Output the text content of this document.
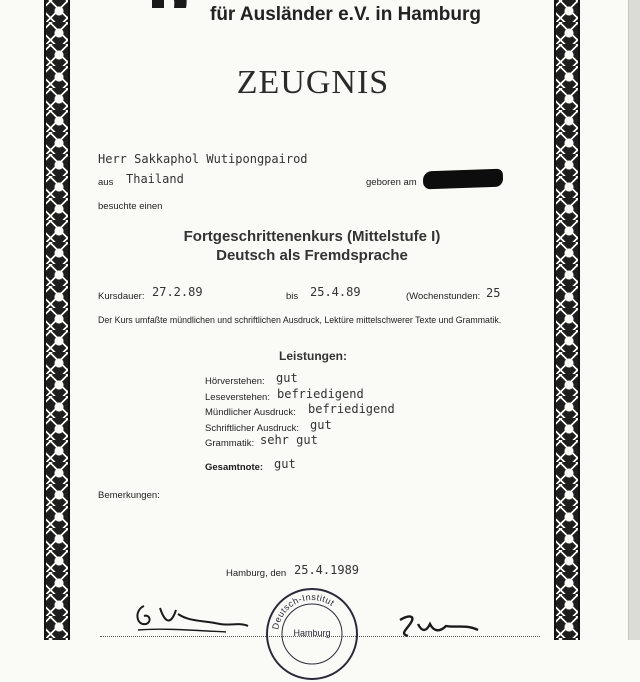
für Ausländer e.V. in Hamburg
ZEUGNIS
Herr Sakkaphol Wutipongpairod
aus Thailand	geboren am
besuchte einen
Fortgeschrittenenkurs (Mittelstufe I)
Deutsch als Fremdsprache
Kursdauer: 27.2.89	bis 25.4.89	(Wochenstunden: 25
Der Kurs umfaßte mündlichen und schriftlichen Ausdruck, Lektüre mittelschwerer Texte und Grammatik.
Leistungen:
Hörverstehen: gut
Leseverstehen: befriedigend
Mündlicher Ausdruck: befriedigend
Schriftlicher Ausdruck: gut
Grammatik: sehr gut
Gesamtnote: gut
Bemerkungen:
Hamburg, den 25.4.1989
Deutsch-Institut
Hamburg
